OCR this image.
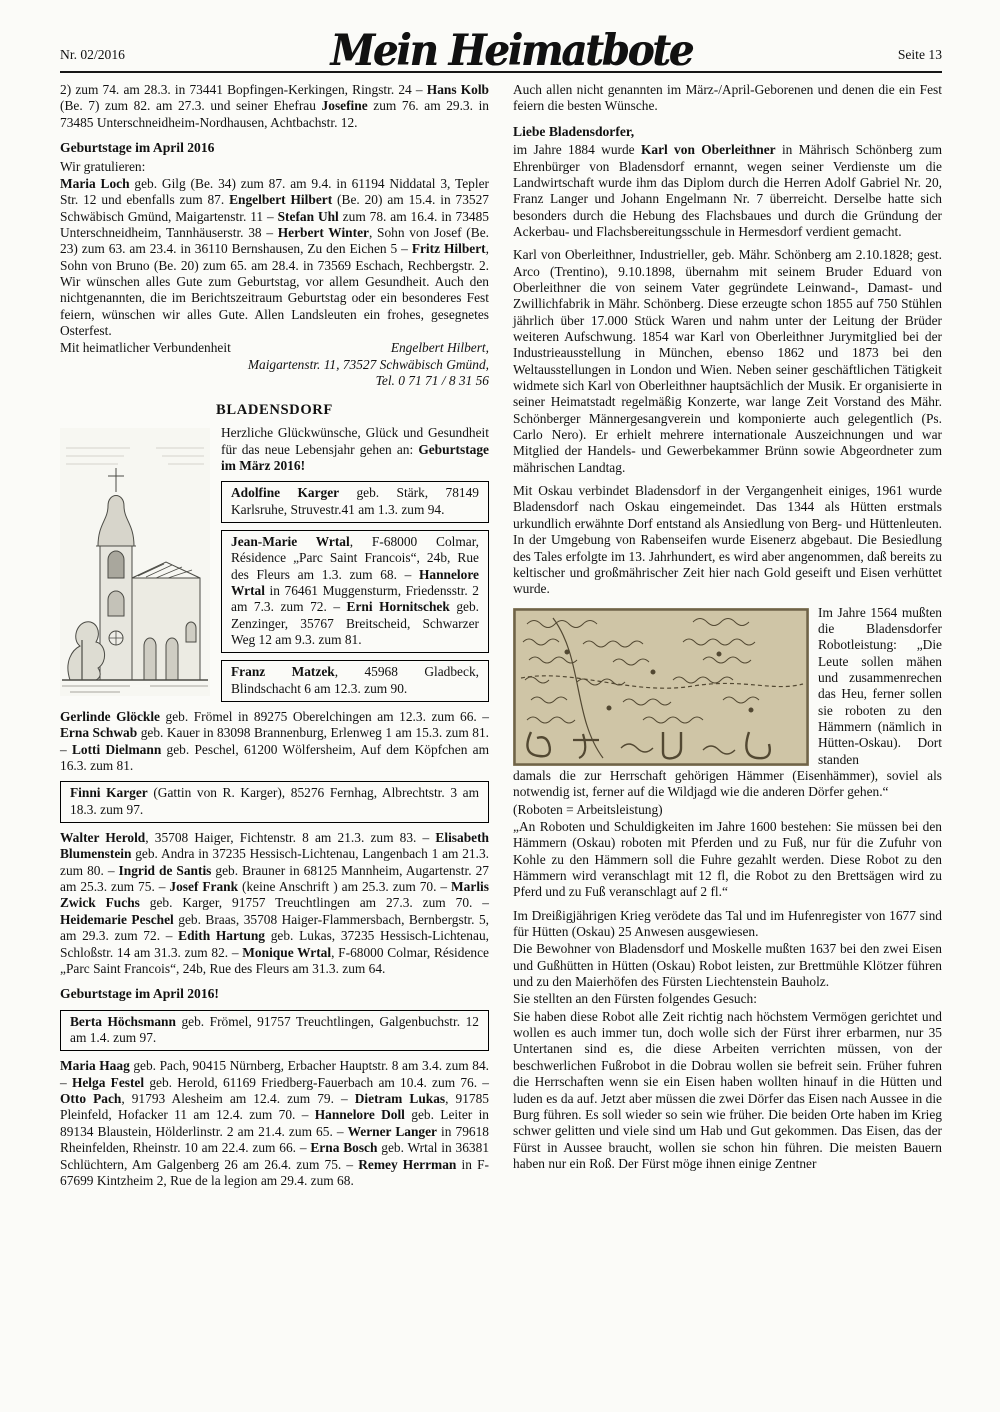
Nr. 02/2016	Mein Heimatbote	Seite 13

2) zum 74. am 28.3. in 73441 Bopfingen-Kerkingen, Ringstr. 24 – Hans Kolb (Be. 7) zum 82. am 27.3. und seiner Ehefrau Josefine zum 76. am 29.3. in 73485 Unterschneidheim-Nordhausen, Achtbachstr. 12.

Geburtstage im April 2016

Wir gratulieren:

Maria Loch geb. Gilg (Be. 34) zum 87. am 9.4. in 61194 Niddatal 3, Tepler Str. 12 und ebenfalls zum 87. Engelbert Hilbert (Be. 20) am 15.4. in 73527 Schwäbisch Gmünd, Maigartenstr. 11 – Stefan Uhl zum 78. am 16.4. in 73485 Unterschneidheim, Tannhäuserstr. 38 – Herbert Winter, Sohn von Josef (Be. 23) zum 63. am 23.4. in 36110 Bernshausen, Zu den Eichen 5 – Fritz Hilbert, Sohn von Bruno (Be. 20) zum 65. am 28.4. in 73569 Eschach, Rechbergstr. 2. Wir wünschen alles Gute zum Geburtstag, vor allem Gesundheit. Auch den nichtgenannten, die im Berichtszeitraum Geburtstag oder ein besonderes Fest feiern, wünschen wir alles Gute. Allen Landsleuten ein frohes, gesegnetes Osterfest.

Mit heimatlicher Verbundenheit	Engelbert Hilbert,
Maigartenstr. 11, 73527 Schwäbisch Gmünd,
Tel. 0 71 71 / 8 31 56
BLADENSDORF

Herzliche Glückwünsche, Glück und Gesundheit für das neue Lebensjahr gehen an: Geburtstage im März 2016!

Adolfine Karger geb. Stärk, 78149 Karlsruhe, Struvestr.41 am 1.3. zum 94.

Jean-Marie Wrtal, F-68000 Colmar, Résidence „Parc Saint Francois“, 24b, Rue des Fleurs am 1.3. zum 68. – Hannelore Wrtal in 76461 Muggensturm, Friedensstr. 2 am 7.3. zum 72. – Erni Hornitschek geb. Zenzinger, 35767 Breitscheid, Schwarzer Weg 12 am 9.3. zum 81.

Franz Matzek, 45968 Gladbeck, Blindschacht 6 am 12.3. zum 90.

Gerlinde Glöckle geb. Frömel in 89275 Oberelchingen am 12.3. zum 66. – Erna Schwab geb. Kauer in 83098 Brannenburg, Erlenweg 1 am 15.3. zum 81. – Lotti Dielmann geb. Peschel, 61200 Wölfersheim, Auf dem Köpfchen am 16.3. zum 81.

Finni Karger (Gattin von R. Karger), 85276 Fernhag, Albrechtstr. 3 am 18.3. zum 97.

Walter Herold, 35708 Haiger, Fichtenstr. 8 am 21.3. zum 83. – Elisabeth Blumenstein geb. Andra in 37235 Hessisch-Lichtenau, Langenbach 1 am 21.3. zum 80. – Ingrid de Santis geb. Brauner in 68125 Mannheim, Augartenstr. 27 am 25.3. zum 75. – Josef Frank (keine Anschrift ) am 25.3. zum 70. – Marlis Zwick Fuchs geb. Karger, 91757 Treuchtlingen am 27.3. zum 70. – Heidemarie Peschel geb. Braas, 35708 Haiger-Flammersbach, Bernbergstr. 5, am 29.3. zum 72. – Edith Hartung geb. Lukas, 37235 Hessisch-Lichtenau, Schloßstr. 14 am 31.3. zum 82. – Monique Wrtal, F-68000 Colmar, Résidence „Parc Saint Francois“, 24b, Rue des Fleurs am 31.3. zum 64.

Geburtstage im April 2016!

Berta Höchsmann geb. Frömel, 91757 Treuchtlingen, Galgenbuchstr. 12 am 1.4. zum 97.

Maria Haag geb. Pach, 90415 Nürnberg, Erbacher Hauptstr. 8 am 3.4. zum 84. – Helga Festel geb. Herold, 61169 Friedberg-Fauerbach am 10.4. zum 76. – Otto Pach, 91793 Alesheim am 12.4. zum 79. – Dietram Lukas, 91785 Pleinfeld, Hofacker 11 am 12.4. zum 70. – Hannelore Doll geb. Leiter in 89134 Blaustein, Hölderlinstr. 2 am 21.4. zum 65. – Werner Langer in 79618 Rheinfelden, Rheinstr. 10 am 22.4. zum 66. – Erna Bosch geb. Wrtal in 36381 Schlüchtern, Am Galgenberg 26 am 26.4. zum 75. – Remey Herrman in F-67699 Kintzheim 2, Rue de la legion am 29.4. zum 68.

Auch allen nicht genannten im März-/April-Geborenen und denen die ein Fest feiern die besten Wünsche.

Liebe Bladensdorfer,

im Jahre 1884 wurde Karl von Oberleithner in Mährisch Schönberg zum Ehrenbürger von Bladensdorf ernannt, wegen seiner Verdienste um die Landwirtschaft wurde ihm das Diplom durch die Herren Adolf Gabriel Nr. 20, Franz Langer und Johann Engelmann Nr. 7 überreicht. Derselbe hatte sich besonders durch die Hebung des Flachsbaues und durch die Gründung der Ackerbau- und Flachsbereitungsschule in Hermesdorf verdient gemacht.

Karl von Oberleithner, Industrieller, geb. Mähr. Schönberg am 2.10.1828; gest. Arco (Trentino), 9.10.1898, übernahm mit seinem Bruder Eduard von Oberleithner die von seinem Vater gegründete Leinwand-, Damast- und Zwillichfabrik in Mähr. Schönberg. Diese erzeugte schon 1855 auf 750 Stühlen jährlich über 17.000 Stück Waren und nahm unter der Leitung der Brüder weiteren Aufschwung. 1854 war Karl von Oberleithner Jurymitglied bei der Industrieausstellung in München, ebenso 1862 und 1873 bei den Weltausstellungen in London und Wien. Neben seiner geschäftlichen Tätigkeit widmete sich Karl von Oberleithner hauptsächlich der Musik. Er organisierte in seiner Heimatstadt regelmäßig Konzerte, war lange Zeit Vorstand des Mähr. Schönberger Männergesangverein und komponierte auch gelegentlich (Ps. Carlo Nero). Er erhielt mehrere internationale Auszeichnungen und war Mitglied der Handels- und Gewerbekammer Brünn sowie Abgeordneter zum mährischen Landtag.

Mit Oskau verbindet Bladensdorf in der Vergangenheit einiges, 1961 wurde Bladensdorf nach Oskau eingemeindet. Das 1344 als Hütten erstmals urkundlich erwähnte Dorf entstand als Ansiedlung von Berg- und Hüttenleuten. In der Umgebung von Rabenseifen wurde Eisenerz abgebaut. Die Besiedlung des Tales erfolgte im 13. Jahrhundert, es wird aber angenommen, daß bereits zu keltischer und großmährischer Zeit hier nach Gold geseift und Eisen verhüttet wurde.

Im Jahre 1564 mußten die Bladensdorfer Robotleistung: „Die Leute sollen mähen und zusammenrechen das Heu, ferner sollen sie roboten zu den Hämmern (nämlich in Hütten-Oskau). Dort standen

damals die zur Herrschaft gehörigen Hämmer (Eisenhämmer), soviel als notwendig ist, ferner auf die Wildjagd wie die anderen Dörfer gehen.“

(Roboten = Arbeitsleistung)

„An Roboten und Schuldigkeiten im Jahre 1600 bestehen: Sie müssen bei den Hämmern (Oskau) roboten mit Pferden und zu Fuß, nur für die Zufuhr von Kohle zu den Hämmern soll die Fuhre gezahlt werden. Diese Robot zu den Hämmern wird veranschlagt mit 12 fl, die Robot zu den Brettsägen wird zu Pferd und zu Fuß veranschlagt auf 2 fl.“

Im Dreißigjährigen Krieg verödete das Tal und im Hufenregister von 1677 sind für Hütten (Oskau) 25 Anwesen ausgewiesen.

Die Bewohner von Bladensdorf und Moskelle mußten 1637 bei den zwei Eisen und Gußhütten in Hütten (Oskau) Robot leisten, zur Brettmühle Klötzer führen und zu den Maierhöfen des Fürsten Liechtenstein Bauholz.

Sie stellten an den Fürsten folgendes Gesuch:

Sie haben diese Robot alle Zeit richtig nach höchstem Vermögen gerichtet und wollen es auch immer tun, doch wolle sich der Fürst ihrer erbarmen, nur 35 Untertanen sind es, die diese Arbeiten verrichten müssen, von der beschwerlichen Fußrobot in die Dobrau wollen sie befreit sein. Früher fuhren die Herrschaften wenn sie ein Eisen haben wollten hinauf in die Hütten und luden es da auf. Jetzt aber müssen die zwei Dörfer das Eisen nach Aussee in die Burg führen. Es soll wieder so sein wie früher. Die beiden Orte haben im Krieg schwer gelitten und viele sind um Hab und Gut gekommen. Das Eisen, das der Fürst in Aussee braucht, wollen sie schon hin führen. Die meisten Bauern haben nur ein Roß. Der Fürst möge ihnen einige Zentner
